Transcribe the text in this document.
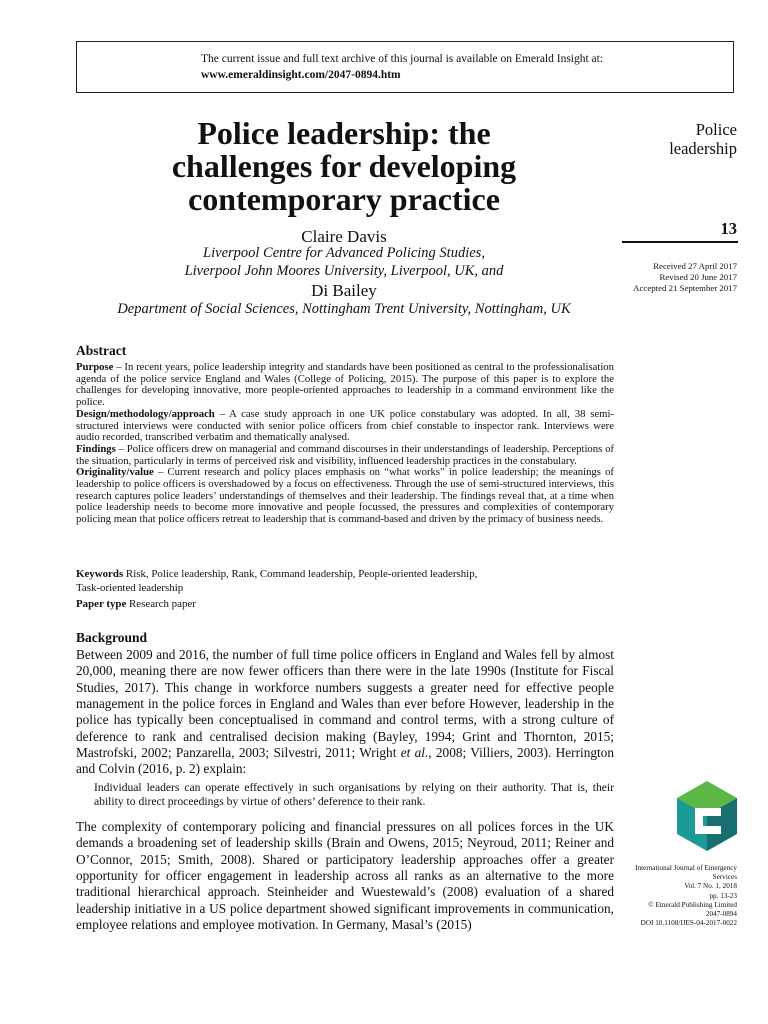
The current issue and full text archive of this journal is available on Emerald Insight at:
www.emeraldinsight.com/2047-0894.htm
Police leadership: the
challenges for developing
contemporary practice
Claire Davis
Liverpool Centre for Advanced Policing Studies,
Liverpool John Moores University, Liverpool, UK, and
Di Bailey
Department of Social Sciences, Nottingham Trent University, Nottingham, UK
Police
leadership
13
Received 27 April 2017
Revised 20 June 2017
Accepted 21 September 2017
Abstract

Purpose – In recent years, police leadership integrity and standards have been positioned as central to the professionalisation agenda of the police service England and Wales (College of Policing, 2015). The purpose of this paper is to explore the challenges for developing innovative, more people-oriented approaches to leadership in a command environment like the police.

Design/methodology/approach – A case study approach in one UK police constabulary was adopted. In all, 38 semi-structured interviews were conducted with senior police officers from chief constable to inspector rank. Interviews were audio recorded, transcribed verbatim and thematically analysed.

Findings – Police officers drew on managerial and command discourses in their understandings of leadership. Perceptions of the situation, particularly in terms of perceived risk and visibility, influenced leadership practices in the constabulary.

Originality/value – Current research and policy places emphasis on “what works” in police leadership; the meanings of leadership to police officers is overshadowed by a focus on effectiveness. Through the use of semi-structured interviews, this research captures police leaders’ understandings of themselves and their leadership. The findings reveal that, at a time when police leadership needs to become more innovative and people focussed, the pressures and complexities of contemporary policing mean that police officers retreat to leadership that is command-based and driven by the primacy of business needs.

Keywords Risk, Police leadership, Rank, Command leadership, People-oriented leadership,
Task-oriented leadership
Paper type Research paper
Background
Between 2009 and 2016, the number of full time police officers in England and Wales fell by almost 20,000, meaning there are now fewer officers than there were in the late 1990s (Institute for Fiscal Studies, 2017). This change in workforce numbers suggests a greater need for effective people management in the police forces in England and Wales than ever before However, leadership in the police has typically been conceptualised in command and control terms, with a strong culture of deference to rank and centralised decision making (Bayley, 1994; Grint and Thornton, 2015; Mastrofski, 2002; Panzarella, 2003; Silvestri, 2011; Wright et al., 2008; Villiers, 2003). Herrington and Colvin (2016, p. 2) explain:
Individual leaders can operate effectively in such organisations by relying on their authority. That is, their ability to direct proceedings by virtue of others’ deference to their rank.
The complexity of contemporary policing and financial pressures on all polices forces in the UK demands a broadening set of leadership skills (Brain and Owens, 2015; Neyroud, 2011; Reiner and O’Connor, 2015; Smith, 2008). Shared or participatory leadership approaches offer a greater opportunity for officer engagement in leadership across all ranks as an alternative to the more traditional hierarchical approach. Steinheider and Wuestewald’s (2008) evaluation of a shared leadership initiative in a US police department showed significant improvements in communication, employee relations and employee motivation. In Germany, Masal’s (2015)
International Journal of Emergency Services
Vol. 7 No. 1, 2018
pp. 13-23
© Emerald Publishing Limited
2047-0894
DOI 10.1108/IJES-04-2017-0022
